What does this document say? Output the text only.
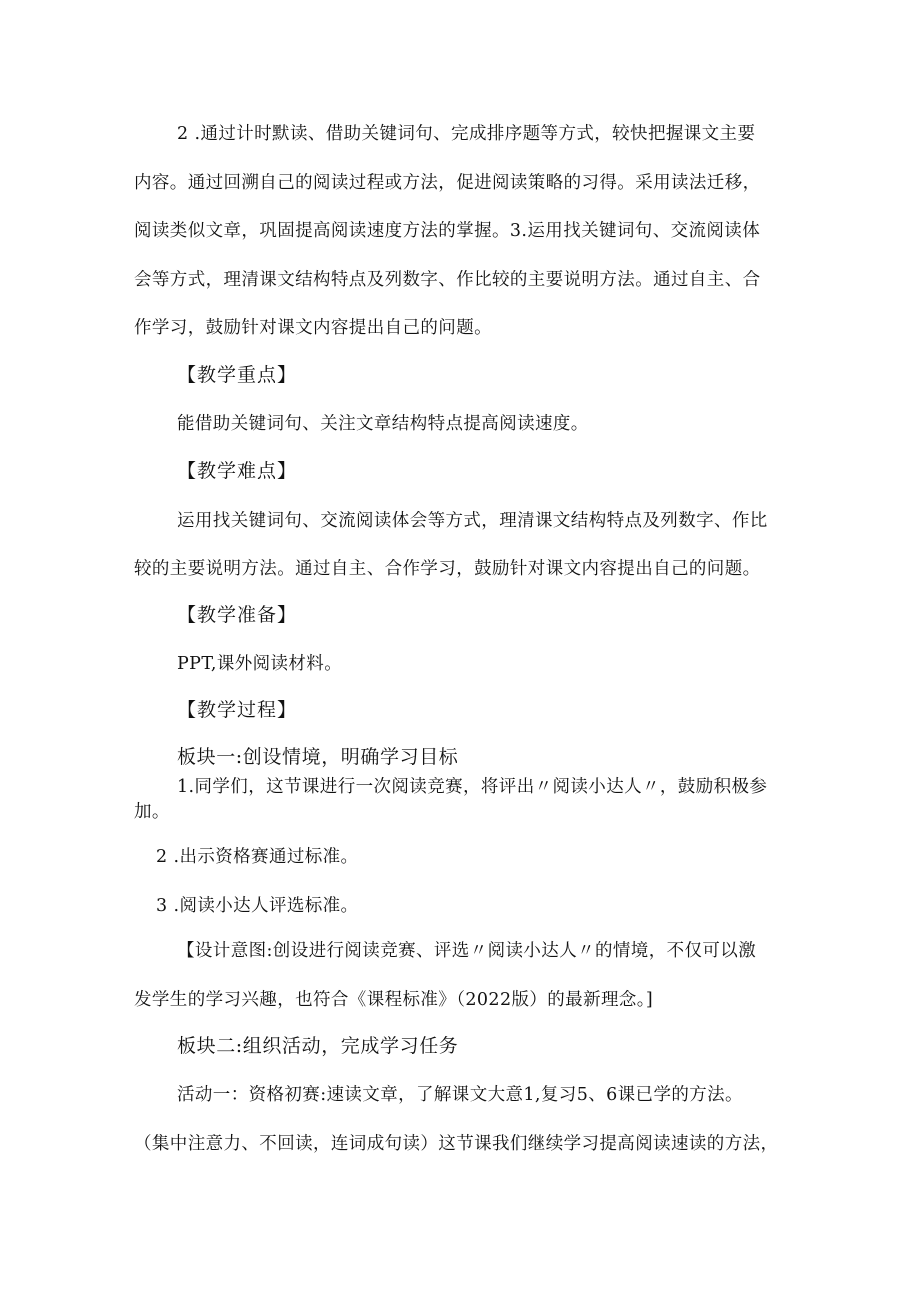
2 .通过计时默读、借助关键词句、完成排序题等方式，较快把握课文主要
内容。通过回溯自己的阅读过程或方法，促进阅读策略的习得。采用读法迁移，
阅读类似文章，巩固提高阅读速度方法的掌握。3.运用找关键词句、交流阅读体
会等方式，理清课文结构特点及列数字、作比较的主要说明方法。通过自主、合
作学习，鼓励针对课文内容提出自己的问题。
【教学重点】
能借助关键词句、关注文章结构特点提高阅读速度。
【教学难点】
运用找关键词句、交流阅读体会等方式，理清课文结构特点及列数字、作比
较的主要说明方法。通过自主、合作学习，鼓励针对课文内容提出自己的问题。
【教学准备】
PPT,课外阅读材料。
【教学过程】
板块一:创设情境，明确学习目标
1.同学们，这节课进行一次阅读竞赛，将评出〃阅读小达人〃，鼓励积极参
加。
2 .出示资格赛通过标准。
3 .阅读小达人评选标准。
【设计意图:创设进行阅读竞赛、评选〃阅读小达人〃的情境，不仅可以激
发学生的学习兴趣，也符合《课程标准》（2022版）的最新理念。]
板块二:组织活动，完成学习任务
活动一：资格初赛:速读文章，了解课文大意1,复习5、6课已学的方法。
（集中注意力、不回读，连词成句读）这节课我们继续学习提高阅读速读的方法，
